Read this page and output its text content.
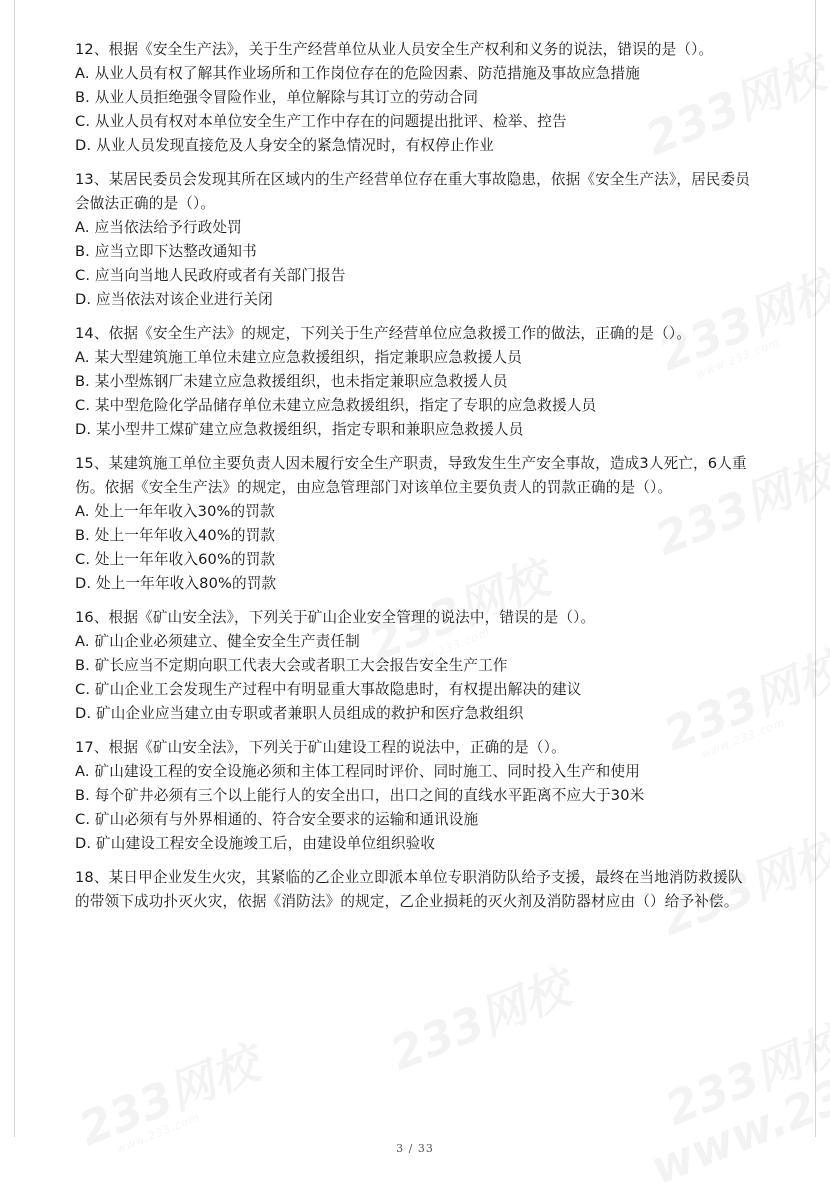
12、根据《安全生产法》，关于生产经营单位从业人员安全生产权利和义务的说法，错误的是（）。
A. 从业人员有权了解其作业场所和工作岗位存在的危险因素、防范措施及事故应急措施
B. 从业人员拒绝强令冒险作业，单位解除与其订立的劳动合同
C. 从业人员有权对本单位安全生产工作中存在的问题提出批评、检举、控告
D. 从业人员发现直接危及人身安全的紧急情况时，有权停止作业
13、某居民委员会发现其所在区域内的生产经营单位存在重大事故隐患，依据《安全生产法》，居民委员会做法正确的是（）。
A. 应当依法给予行政处罚
B. 应当立即下达整改通知书
C. 应当向当地人民政府或者有关部门报告
D. 应当依法对该企业进行关闭
14、依据《安全生产法》的规定，下列关于生产经营单位应急救援工作的做法，正确的是（）。
A. 某大型建筑施工单位未建立应急救援组织，指定兼职应急救援人员
B. 某小型炼钢厂未建立应急救援组织，也未指定兼职应急救援人员
C. 某中型危险化学品储存单位未建立应急救援组织，指定了专职的应急救援人员
D. 某小型井工煤矿建立应急救援组织，指定专职和兼职应急救援人员
15、某建筑施工单位主要负责人因未履行安全生产职责，导致发生生产安全事故，造成3人死亡，6人重伤。依据《安全生产法》的规定，由应急管理部门对该单位主要负责人的罚款正确的是（）。
A. 处上一年年收入30%的罚款
B. 处上一年年收入40%的罚款
C. 处上一年年收入60%的罚款
D. 处上一年年收入80%的罚款
16、根据《矿山安全法》，下列关于矿山企业安全管理的说法中，错误的是（）。
A. 矿山企业必须建立、健全安全生产责任制
B. 矿长应当不定期向职工代表大会或者职工大会报告安全生产工作
C. 矿山企业工会发现生产过程中有明显重大事故隐患时，有权提出解决的建议
D. 矿山企业应当建立由专职或者兼职人员组成的救护和医疗急救组织
17、根据《矿山安全法》，下列关于矿山建设工程的说法中，正确的是（）。
A. 矿山建设工程的安全设施必须和主体工程同时评价、同时施工、同时投入生产和使用
B. 每个矿井必须有三个以上能行人的安全出口，出口之间的直线水平距离不应大于30米
C. 矿山必须有与外界相通的、符合安全要求的运输和通讯设施
D. 矿山建设工程安全设施竣工后，由建设单位组织验收
18、某日甲企业发生火灾，其紧临的乙企业立即派本单位专职消防队给予支援，最终在当地消防救援队的带领下成功扑灭火灾，依据《消防法》的规定，乙企业损耗的灭火剂及消防器材应由（）给予补偿。
3 / 33
